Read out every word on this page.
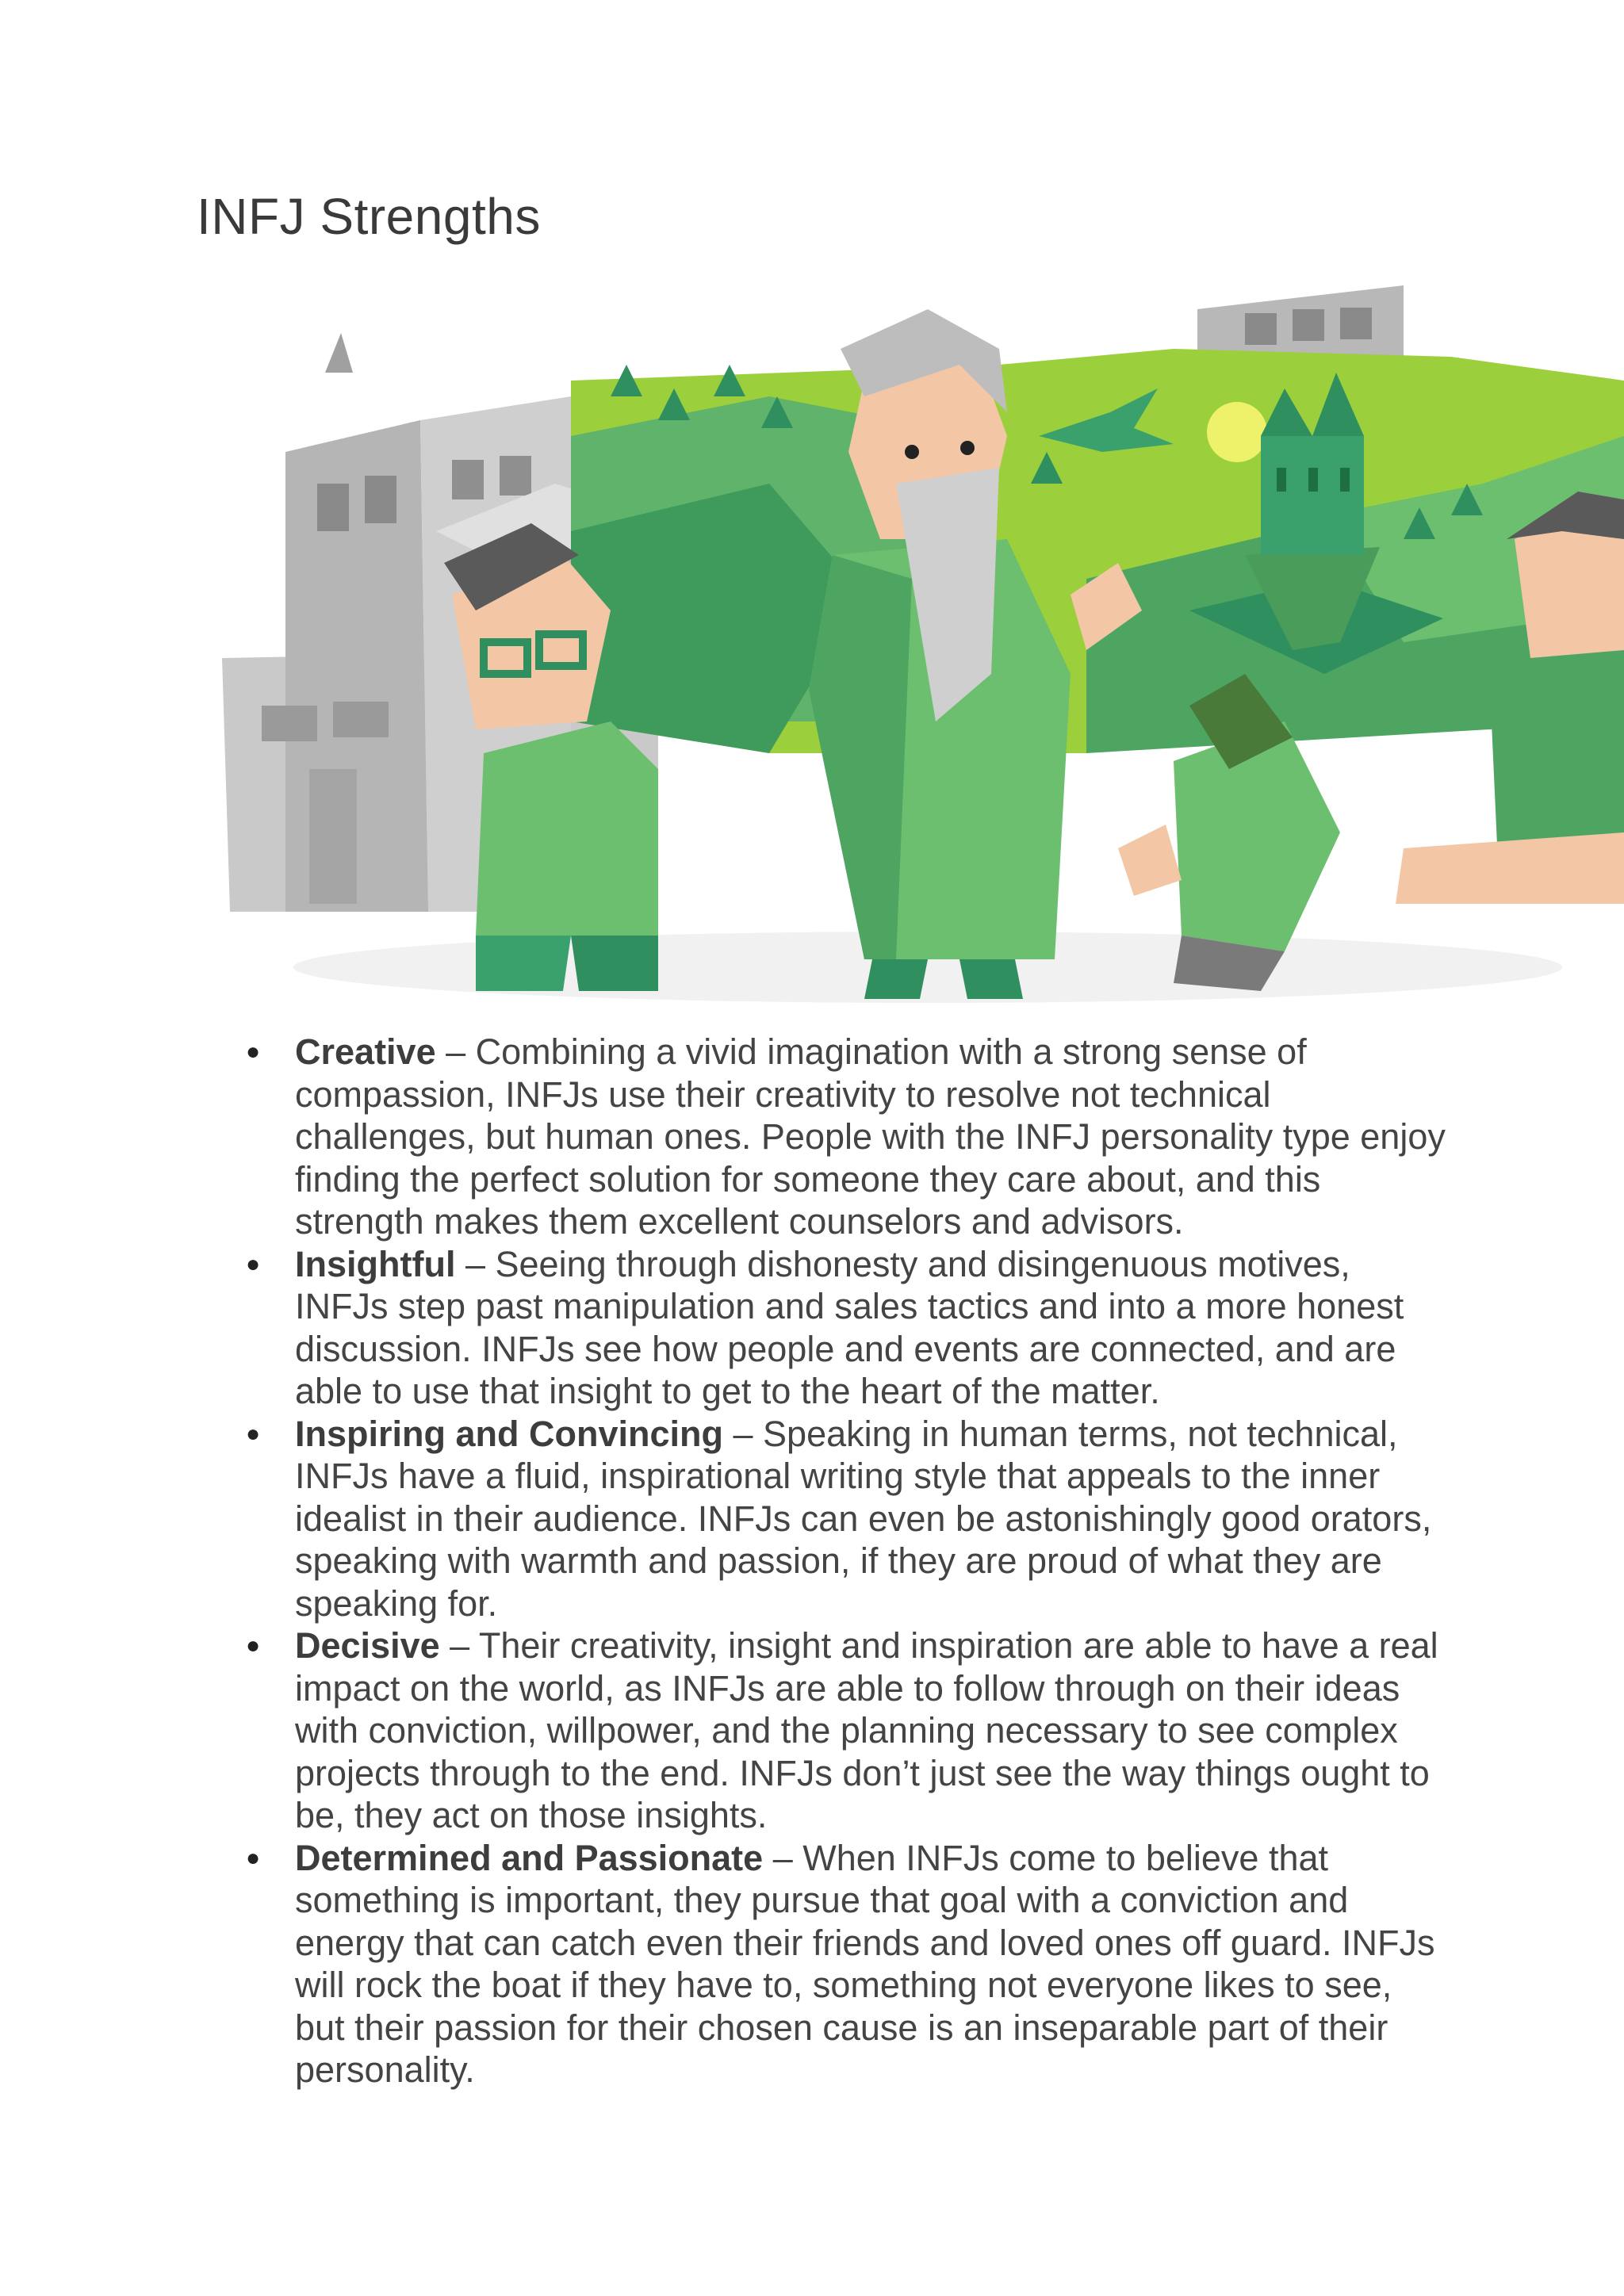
INFJ Strengths
● Creative – Combining a vivid imagination with a strong sense of compassion, INFJs use their creativity to resolve not technical challenges, but human ones. People with the INFJ personality type enjoy finding the perfect solution for someone they care about, and this strength makes them excellent counselors and advisors.
● Insightful – Seeing through dishonesty and disingenuous motives, INFJs step past manipulation and sales tactics and into a more honest discussion. INFJs see how people and events are connected, and are able to use that insight to get to the heart of the matter.
● Inspiring and Convincing – Speaking in human terms, not technical, INFJs have a fluid, inspirational writing style that appeals to the inner idealist in their audience. INFJs can even be astonishingly good orators, speaking with warmth and passion, if they are proud of what they are speaking for.
● Decisive – Their creativity, insight and inspiration are able to have a real impact on the world, as INFJs are able to follow through on their ideas with conviction, willpower, and the planning necessary to see complex projects through to the end. INFJs don’t just see the way things ought to be, they act on those insights.
● Determined and Passionate – When INFJs come to believe that something is important, they pursue that goal with a conviction and energy that can catch even their friends and loved ones off guard. INFJs will rock the boat if they have to, something not everyone likes to see, but their passion for their chosen cause is an inseparable part of their personality.
